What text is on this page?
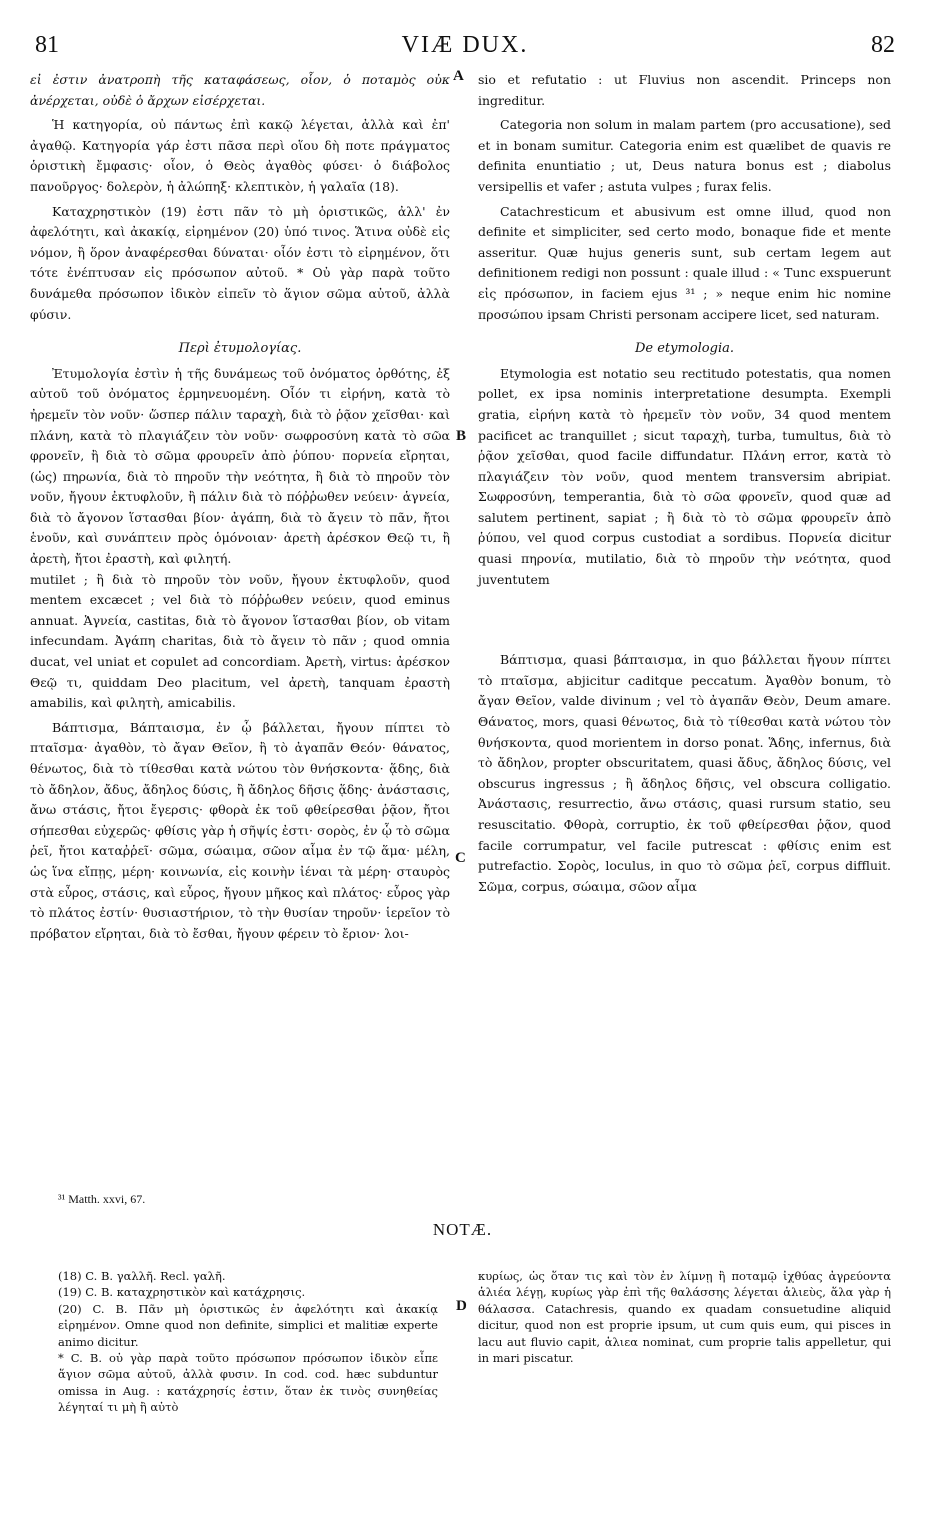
81	VIÆ DUX.	82
A
B
C
D

εἰ ἐστιν ἀνατροπὴ τῆς καταφάσεως, οἷον, ὁ ποταμὸς οὐκ ἀνέρχεται, οὐδὲ ὁ ἄρχων εἰσέρχεται.

Ἡ κατηγορία, οὐ πάντως ἐπὶ κακῷ λέγεται, ἀλλὰ καὶ ἐπ' ἀγαθῷ. Κατηγορία γάρ ἐστι πᾶσα περὶ οἵου δὴ ποτε πράγματος ὁριστικὴ ἔμφασις· οἷον, ὁ Θεὸς ἀγαθὸς φύσει· ὁ διάβολος πανοῦργος· δολερὸν, ἡ ἀλώπηξ· κλεπτικὸν, ἡ γαλαῖα (18).

Καταχρηστικὸν (19) ἐστι πᾶν τὸ μὴ ὁριστικῶς, ἀλλ' ἐν ἀφελότητι, καὶ ἀκακίᾳ, εἰρημένον (20) ὑπό τινος. Ἅτινα οὐδὲ εἰς νόμον, ἢ ὅρον ἀναφέρεσθαι δύναται· οἷόν ἐστι τὸ εἰρημένον, ὅτι τότε ἐνέπτυσαν εἰς πρόσωπον αὐτοῦ. * Οὐ γὰρ παρὰ τοῦτο δυνάμεθα πρόσωπον ἰδικὸν εἰπεῖν τὸ ἅγιον σῶμα αὐτοῦ, ἀλλὰ φύσιν.

Περὶ ἐτυμολογίας.

Ἐτυμολογία ἐστὶν ἡ τῆς δυνάμεως τοῦ ὀνόματος ὀρθότης, ἐξ αὐτοῦ τοῦ ὀνόματος ἑρμηνευομένη. Οἷόν τι εἰρήνη, κατὰ τὸ ἠρεμεῖν τὸν νοῦν· ὥσπερ πάλιν ταραχὴ, διὰ τὸ ῥᾷον χεῖσθαι· καὶ πλάνη, κατὰ τὸ πλαγιάζειν τὸν νοῦν· σωφροσύνη κατὰ τὸ σῶα φρονεῖν, ἢ διὰ τὸ σῶμα φρουρεῖν ἀπὸ ῥύπου· πορνεία εἴρηται, (ὡς) πηρωνία, διὰ τὸ πηροῦν τὴν νεότητα, ἢ διὰ τὸ πηροῦν τὸν νοῦν, ἤγουν ἐκτυφλοῦν, ἢ πάλιν διὰ τὸ πόῤῥωθεν νεύειν· ἁγνεία, διὰ τὸ ἄγονον ἵστασθαι βίον· ἀγάπη, διὰ τὸ ἄγειν τὸ πᾶν, ἤτοι ἑνοῦν, καὶ συνάπτειν πρὸς ὁμόνοιαν· ἀρετὴ ἀρέσκον Θεῷ τι, ἢ ἀρετὴ, ἤτοι ἐραστὴ, καὶ φιλητή.

mutilet ; ἢ διὰ τὸ πηροῦν τὸν νοῦν, ἤγουν ἐκτυφλοῦν, quod mentem excæcet ; vel διὰ τὸ πόῤῥωθεν νεύειν, quod eminus annuat. Ἁγνεία, castitas, διὰ τὸ ἄγονον ἵστασθαι βίον, ob vitam infecundam. Ἀγάπη charitas, διὰ τὸ ἄγειν τὸ πᾶν ; quod omnia ducat, vel uniat et copulet ad concordiam. Ἀρετὴ, virtus: ἀρέσκον Θεῷ τι, quiddam Deo placitum, vel ἀρετὴ, tanquam ἐραστὴ amabilis, καὶ φιλητὴ, amicabilis.

Βάπτισμα, Βάπταισμα, ἐν ᾧ βάλλεται, ἤγουν πίπτει τὸ πταῖσμα· ἀγαθὸν, τὸ ἄγαν Θεῖον, ἢ τὸ ἀγαπᾶν Θεόν· θάνατος, θένωτος, διὰ τὸ τίθεσθαι κατὰ νώτου τὸν θνήσκοντα· ᾅδης, διὰ τὸ ἄδηλον, ἄδυς, ἄδηλος δύσις, ἢ ἄδηλος δῆσις ᾅδης· ἀνάστασις, ἄνω στάσις, ἤτοι ἔγερσις· φθορὰ ἐκ τοῦ φθείρεσθαι ῥᾷον, ἤτοι σήπεσθαι εὐχερῶς· φθίσις γὰρ ἡ σῆψίς ἐστι· σορὸς, ἐν ᾧ τὸ σῶμα ῥεῖ, ἤτοι καταῤῥεῖ· σῶμα, σώαιμα, σῶον αἷμα ἐν τῷ ἅμα· μέλη, ὡς ἵνα εἴπῃς, μέρη· κοινωνία, εἰς κοινὴν ἰέναι τὰ μέρη· σταυρὸς στὰ εὖρος, στάσις, καὶ εὖρος, ἤγουν μῆκος καὶ πλάτος· εὖρος γὰρ τὸ πλάτος ἐστίν· θυσιαστήριον, τὸ τὴν θυσίαν τηροῦν· ἱερεῖον τὸ πρόβατον εἴρηται, διὰ τὸ ἔσθαι, ἤγουν φέρειν τὸ ἔριον· λοι-

sio et refutatio : ut Fluvius non ascendit. Princeps non ingreditur.

Categoria non solum in malam partem (pro accusatione), sed et in bonam sumitur. Categoria enim est quælibet de quavis re definita enuntiatio ; ut, Deus natura bonus est ; diabolus versipellis et vafer ; astuta vulpes ; furax felis.

Catachresticum et abusivum est omne illud, quod non definite et simpliciter, sed certo modo, bonaque fide et mente asseritur. Quæ hujus generis sunt, sub certam legem aut definitionem redigi non possunt : quale illud : « Tunc exspuerunt εἰς πρόσωπον, in faciem ejus ³¹ ; » neque enim hic nomine προσώπου ipsam Christi personam accipere licet, sed naturam.

De etymologia.

Etymologia est notatio seu rectitudo potestatis, qua nomen pollet, ex ipsa nominis interpretatione desumpta. Exempli gratia, εἰρήνη κατὰ τὸ ἠρεμεῖν τὸν νοῦν, 34 quod mentem pacificet ac tranquillet ; sicut ταραχὴ, turba, tumultus, διὰ τὸ ῥᾷον χεῖσθαι, quod facile diffundatur. Πλάνη error, κατὰ τὸ πλαγιάζειν τὸν νοῦν, quod mentem transversim abripiat. Σωφροσύνη, temperantia, διὰ τὸ σῶα φρονεῖν, quod quæ ad salutem pertinent, sapiat ; ἢ διὰ τὸ τὸ σῶμα φρουρεῖν ἀπὸ ῥύπου, vel quod corpus custodiat a sordibus. Πορνεία dicitur quasi πηρονία, mutilatio, διὰ τὸ πηροῦν τὴν νεότητα, quod juventutem

Βάπτισμα, quasi βάπταισμα, in quo βάλλεται ἤγουν πίπτει τὸ πταῖσμα, abjicitur caditque peccatum. Ἀγαθὸν bonum, τὸ ἄγαν Θεῖον, valde divinum ; vel τὸ ἀγαπᾶν Θεὸν, Deum amare. Θάνατος, mors, quasi θένωτος, διὰ τὸ τίθεσθαι κατὰ νώτου τὸν θνήσκοντα, quod morientem in dorso ponat. Ἅδης, infernus, διὰ τὸ ἄδηλον, propter obscuritatem, quasi ἄδυς, ἄδηλος δύσις, vel obscurus ingressus ; ἢ ἄδηλος δῆσις, vel obscura colligatio. Ἀνάστασις, resurrectio, ἄνω στάσις, quasi rursum statio, seu resuscitatio. Φθορὰ, corruptio, ἐκ τοῦ φθείρεσθαι ῥᾷον, quod facile corrumpatur, vel facile putrescat : φθίσις enim est putrefactio. Σορὸς, loculus, in quo τὸ σῶμα ῥεῖ, corpus diffluit. Σῶμα, corpus, σώαιμα, σῶον αἷμα

³¹ Matth. xxvi, 67.
NOTÆ.

(18) C. B. γαλλῆ. Recl. γαλῆ.

(19) C. B. καταχρηστικὸν καὶ κατάχρησις.

(20) C. B. Πᾶν μὴ ὁριστικῶς ἐν ἀφελότητι καὶ ἀκακίᾳ εἰρημένον. Omne quod non definite, simplici et malitiæ experte animo dicitur.

* C. B. οὐ γὰρ παρὰ τοῦτο πρόσωπον πρόσωπον ἰδικὸν εἶπε ἅγιον σῶμα αὐτοῦ, ἀλλὰ φυσιν. In cod. cod. hæc subduntur omissa in Aug. : κατάχρησίς ἐστιν, ὅταν ἐκ τινὸς συνηθείας λέγηταί τι μὴ ἢ αὐτὸ

κυρίως, ὡς ὅταν τις καὶ τὸν ἐν λίμνῃ ἢ ποταμῷ ἰχθύας ἀγρεύοντα ἁλιέα λέγῃ, κυρίως γὰρ ἐπὶ τῆς θαλάσσης λέγεται ἁλιεὺς, ἅλα γὰρ ἡ θάλασσα. Catachresis, quando ex quadam consuetudine aliquid dicitur, quod non est proprie ipsum, ut cum quis eum, qui pisces in lacu aut fluvio capit, ἁλιεα nominat, cum proprie talis appelletur, qui in mari piscatur.
